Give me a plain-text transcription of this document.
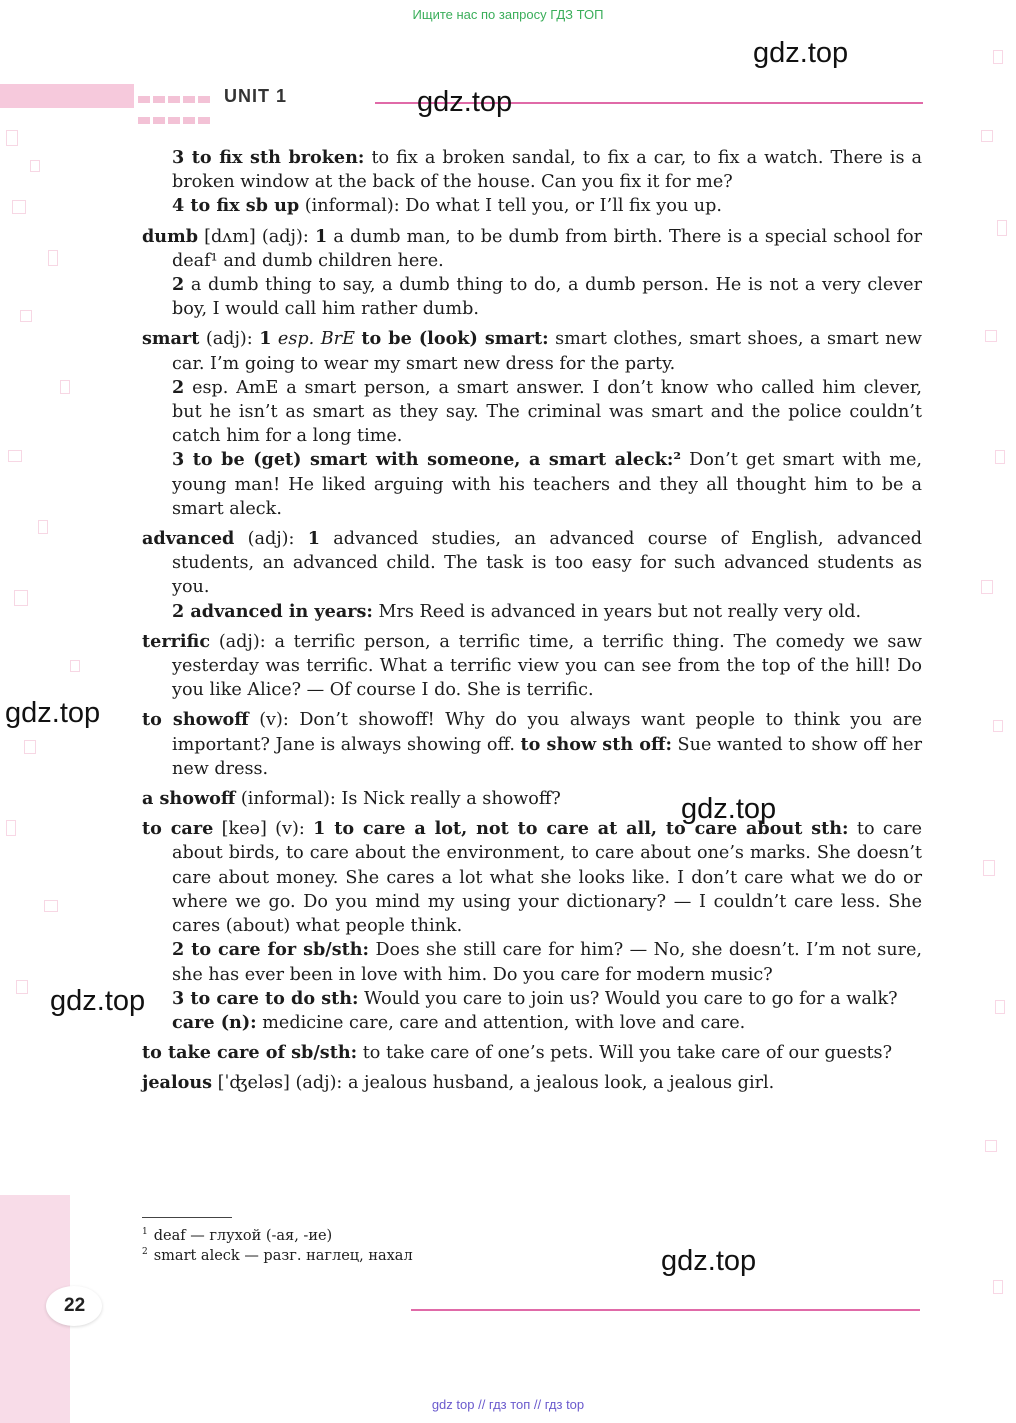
Ищите нас по запросу ГДЗ ТОП
UNIT 1
gdz.top
gdz.top
gdz.top
gdz.top
gdz.top
gdz.top

3 to fix sth broken: to fix a broken sandal, to fix a car, to fix a watch. There is a broken window at the back of the house. Can you fix it for me?

4 to fix sb up (informal): Do what I tell you, or I’ll fix you up.

dumb [dʌm] (adj): 1 a dumb man, to be dumb from birth. There is a special school for deaf¹ and dumb children here.

2 a dumb thing to say, a dumb thing to do, a dumb person. He is not a very clever boy, I would call him rather dumb.

smart (adj): 1 esp. BrE to be (look) smart: smart clothes, smart shoes, a smart new car. I’m going to wear my smart new dress for the party.

2 esp. AmE a smart person, a smart answer. I don’t know who called him clever, but he isn’t as smart as they say. The criminal was smart and the police couldn’t catch him for a long time.

3 to be (get) smart with someone, a smart aleck:² Don’t get smart with me, young man! He liked arguing with his teachers and they all thought him to be a smart aleck.

advanced (adj): 1 advanced studies, an advanced course of English, advanced students, an advanced child. The task is too easy for such advanced students as you.

2 advanced in years: Mrs Reed is advanced in years but not really very old.

terrific (adj): a terrific person, a terrific time, a terrific thing. The comedy we saw yesterday was terrific. What a terrific view you can see from the top of the hill! Do you like Alice? — Of course I do. She is terrific.

to showoff (v): Don’t showoff! Why do you always want people to think you are important? Jane is always showing off. to show sth off: Sue wanted to show off her new dress.

a showoff (informal): Is Nick really a showoff?

to care [keə] (v): 1 to care a lot, not to care at all, to care about sth: to care about birds, to care about the environment, to care about one’s marks. She doesn’t care about money. She cares a lot what she looks like. I don’t care what we do or where we go. Do you mind my using your dictionary? — I couldn’t care less. She cares (about) what people think.

2 to care for sb/sth: Does she still care for him? — No, she doesn’t. I’m not sure, she has ever been in love with him. Do you care for modern music?

3 to care to do sth: Would you care to join us? Would you care to go for a walk?

care (n): medicine care, care and attention, with love and care.

to take care of sb/sth: to take care of one’s pets. Will you take care of our guests?

jealous [ˈʤeləs] (adj): a jealous husband, a jealous look, a jealous girl.

$^1$ deaf — глухой (-ая, -ие)
$^2$ smart aleck — разг. наглец, нахал
22
gdz top // гдз топ // гдз top
